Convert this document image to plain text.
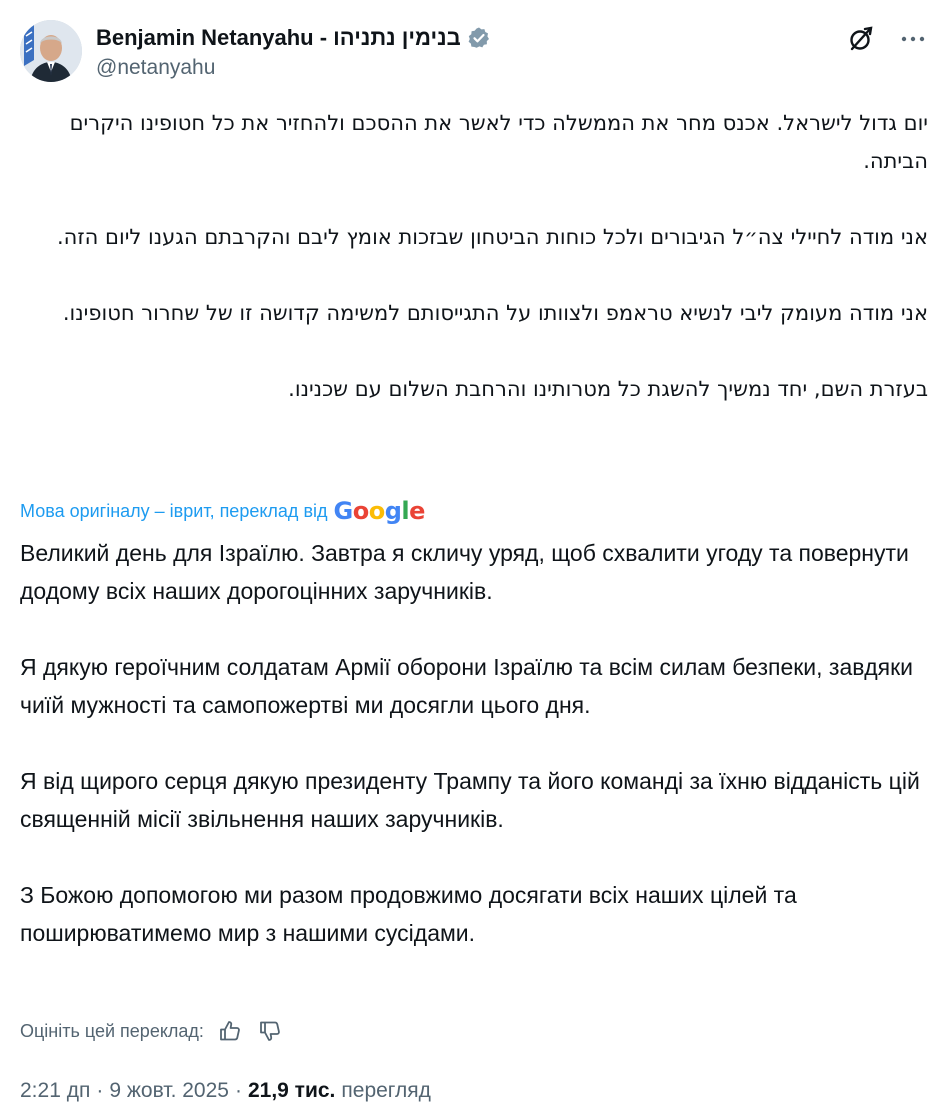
Benjamin Netanyahu - בנימין נתניהו
@netanyahu

יום גדול לישראל. אכנס מחר את הממשלה כדי לאשר את ההסכם ולהחזיר את כל חטופינו היקרים הביתה.

אני מודה לחיילי צה״ל הגיבורים ולכל כוחות הביטחון שבזכות אומץ ליבם והקרבתם הגענו ליום הזה.

אני מודה מעומק ליבי לנשיא טראמפ ולצוותו על התגייסותם למשימה קדושה זו של שחרור חטופינו.

בעזרת השם, יחד נמשיך להשגת כל מטרותינו והרחבת השלום עם שכנינו.

Мова оригіналу – іврит, переклад від Google

Великий день для Ізраїлю. Завтра я скличу уряд, щоб схвалити угоду та повернути додому всіх наших дорогоцінних заручників.

Я дякую героїчним солдатам Армії оборони Ізраїлю та всім силам безпеки, завдяки чиїй мужності та самопожертві ми досягли цього дня.

Я від щирого серця дякую президенту Трампу та його команді за їхню відданість цій священній місії звільнення наших заручників.

З Божою допомогою ми разом продовжимо досягати всіх наших цілей та поширюватимемо мир з нашими сусідами.

Оцініть цей переклад:
2:21 дп · 9 жовт. 2025 · 21,9 тис. перегляд
